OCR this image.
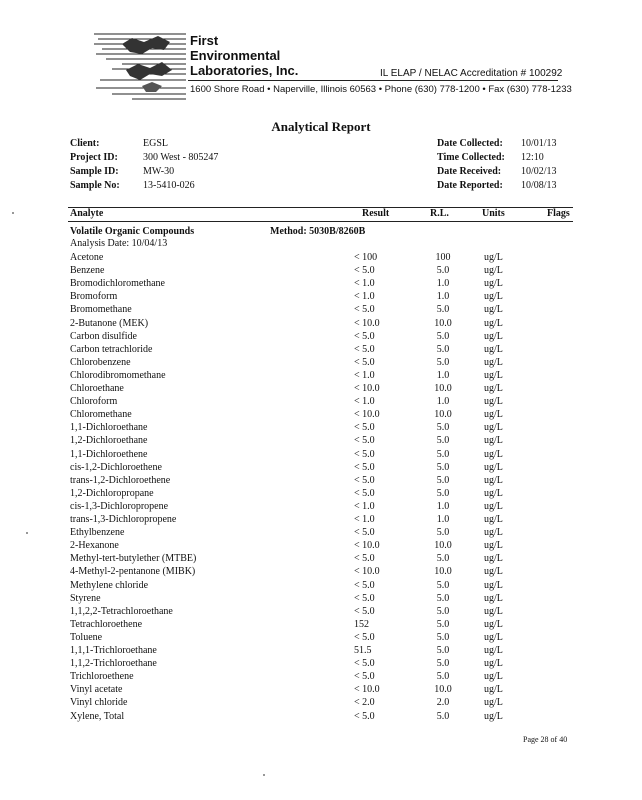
First
Environmental
Laboratories, Inc.	IL ELAP / NELAC Accreditation # 100292
1600 Shore Road • Naperville, Illinois 60563 • Phone (630) 778-1200 • Fax (630) 778-1233
Analytical Report
Client:	EGSL
Project ID:	300 West - 805247
Sample ID: MW-30
Sample No: 13-5410-026
Date Collected: 10/01/13
Time Collected: 12:10
Date Received: 10/02/13
Date Reported: 10/08/13
Analyte	Result	R.L.	Units	Flags
Volatile Organic Compounds	Method: 5030B/8260B
Analysis Date: 10/04/13
Acetone	< 100	100	ug/L
Benzene	< 5.0	5.0	ug/L
Bromodichloromethane	< 1.0	1.0	ug/L
Bromoform	< 1.0	1.0	ug/L
Bromomethane	< 5.0	5.0	ug/L
2-Butanone (MEK)	< 10.0	10.0	ug/L
Carbon disulfide	< 5.0	5.0	ug/L
Carbon tetrachloride	< 5.0	5.0	ug/L
Chlorobenzene	< 5.0	5.0	ug/L
Chlorodibromomethane	< 1.0	1.0	ug/L
Chloroethane	< 10.0	10.0	ug/L
Chloroform	< 1.0	1.0	ug/L
Chloromethane	< 10.0	10.0	ug/L
1,1-Dichloroethane	< 5.0	5.0	ug/L
1,2-Dichloroethane	< 5.0	5.0	ug/L
1,1-Dichloroethene	< 5.0	5.0	ug/L
cis-1,2-Dichloroethene	< 5.0	5.0	ug/L
trans-1,2-Dichloroethene	< 5.0	5.0	ug/L
1,2-Dichloropropane	< 5.0	5.0	ug/L
cis-1,3-Dichloropropene	< 1.0	1.0	ug/L
trans-1,3-Dichloropropene	< 1.0	1.0	ug/L
Ethylbenzene	< 5.0	5.0	ug/L
2-Hexanone	< 10.0	10.0	ug/L
Methyl-tert-butylether (MTBE)	< 5.0	5.0	ug/L
4-Methyl-2-pentanone (MIBK)	< 10.0	10.0	ug/L
Methylene chloride	< 5.0	5.0	ug/L
Styrene	< 5.0	5.0	ug/L
1,1,2,2-Tetrachloroethane	< 5.0	5.0	ug/L
Tetrachloroethene	152	5.0	ug/L
Toluene	< 5.0	5.0	ug/L
1,1,1-Trichloroethane	51.5	5.0	ug/L
1,1,2-Trichloroethane	< 5.0	5.0	ug/L
Trichloroethene	< 5.0	5.0	ug/L
Vinyl acetate	< 10.0	10.0	ug/L
Vinyl chloride	< 2.0	2.0	ug/L
Xylene, Total	< 5.0	5.0	ug/L
Page 28 of 40
